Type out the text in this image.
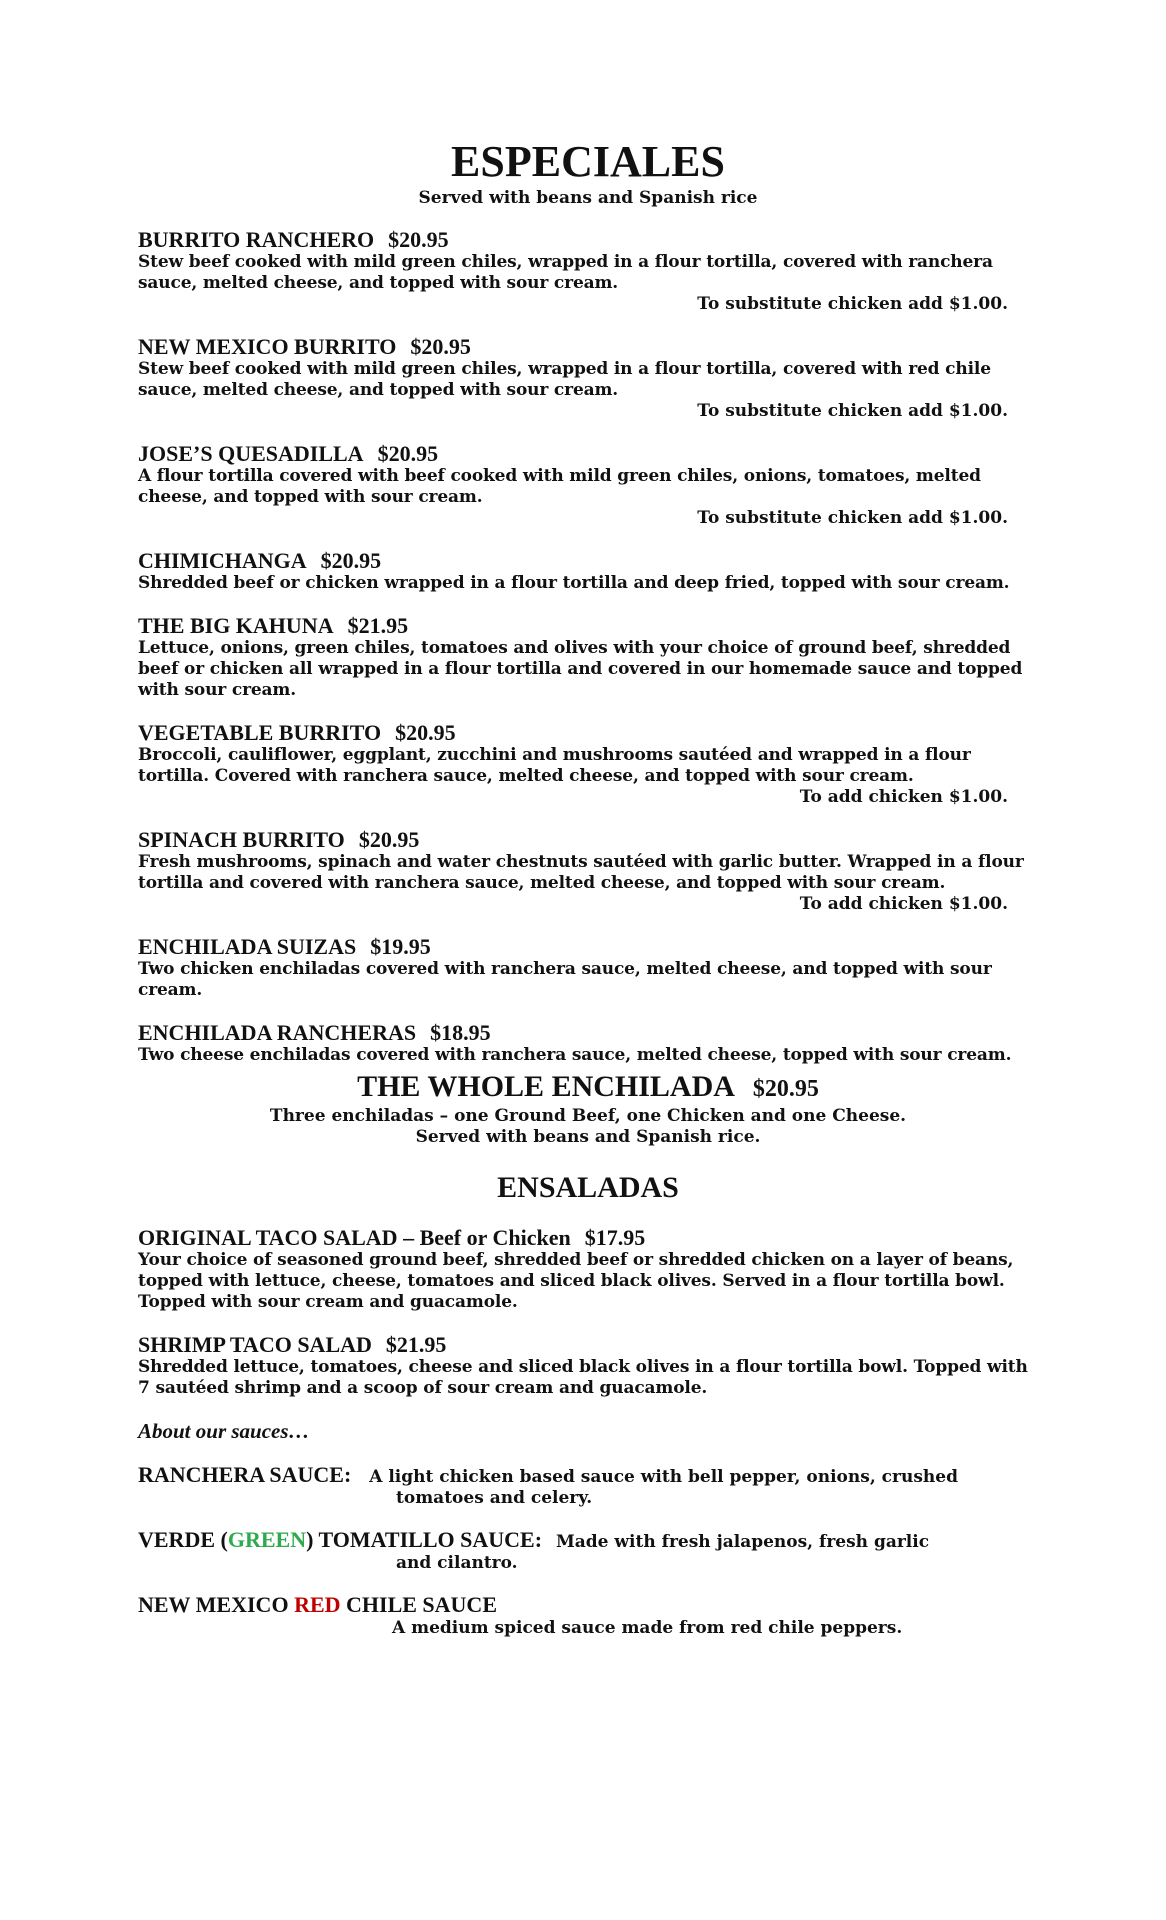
ESPECIALES
Served with beans and Spanish rice
BURRITO RANCHERO $20.95
Stew beef cooked with mild green chiles, wrapped in a flour tortilla, covered with ranchera sauce, melted cheese, and topped with sour cream.
To substitute chicken add $1.00.
NEW MEXICO BURRITO $20.95
Stew beef cooked with mild green chiles, wrapped in a flour tortilla, covered with red chile sauce, melted cheese, and topped with sour cream.
To substitute chicken add $1.00.
JOSE’S QUESADILLA $20.95
A flour tortilla covered with beef cooked with mild green chiles, onions, tomatoes, melted cheese, and topped with sour cream.
To substitute chicken add $1.00.
CHIMICHANGA $20.95
Shredded beef or chicken wrapped in a flour tortilla and deep fried, topped with sour cream.
THE BIG KAHUNA $21.95
Lettuce, onions, green chiles, tomatoes and olives with your choice of ground beef, shredded beef or chicken all wrapped in a flour tortilla and covered in our homemade sauce and topped with sour cream.
VEGETABLE BURRITO $20.95
Broccoli, cauliflower, eggplant, zucchini and mushrooms sautéed and wrapped in a flour tortilla. Covered with ranchera sauce, melted cheese, and topped with sour cream.
To add chicken $1.00.
SPINACH BURRITO $20.95
Fresh mushrooms, spinach and water chestnuts sautéed with garlic butter. Wrapped in a flour tortilla and covered with ranchera sauce, melted cheese, and topped with sour cream.
To add chicken $1.00.
ENCHILADA SUIZAS $19.95
Two chicken enchiladas covered with ranchera sauce, melted cheese, and topped with sour cream.
ENCHILADA RANCHERAS $18.95
Two cheese enchiladas covered with ranchera sauce, melted cheese, topped with sour cream.
THE WHOLE ENCHILADA $20.95
Three enchiladas – one Ground Beef, one Chicken and one Cheese.
Served with beans and Spanish rice.
ENSALADAS
ORIGINAL TACO SALAD – Beef or Chicken $17.95
Your choice of seasoned ground beef, shredded beef or shredded chicken on a layer of beans, topped with lettuce, cheese, tomatoes and sliced black olives. Served in a flour tortilla bowl. Topped with sour cream and guacamole.
SHRIMP TACO SALAD $21.95
Shredded lettuce, tomatoes, cheese and sliced black olives in a flour tortilla bowl. Topped with 7 sautéed shrimp and a scoop of sour cream and guacamole.
About our sauces…
RANCHERA SAUCE: A light chicken based sauce with bell pepper, onions, crushed
tomatoes and celery.
VERDE (GREEN) TOMATILLO SAUCE: Made with fresh jalapenos, fresh garlic
and cilantro.
NEW MEXICO RED CHILE SAUCE
A medium spiced sauce made from red chile peppers.
